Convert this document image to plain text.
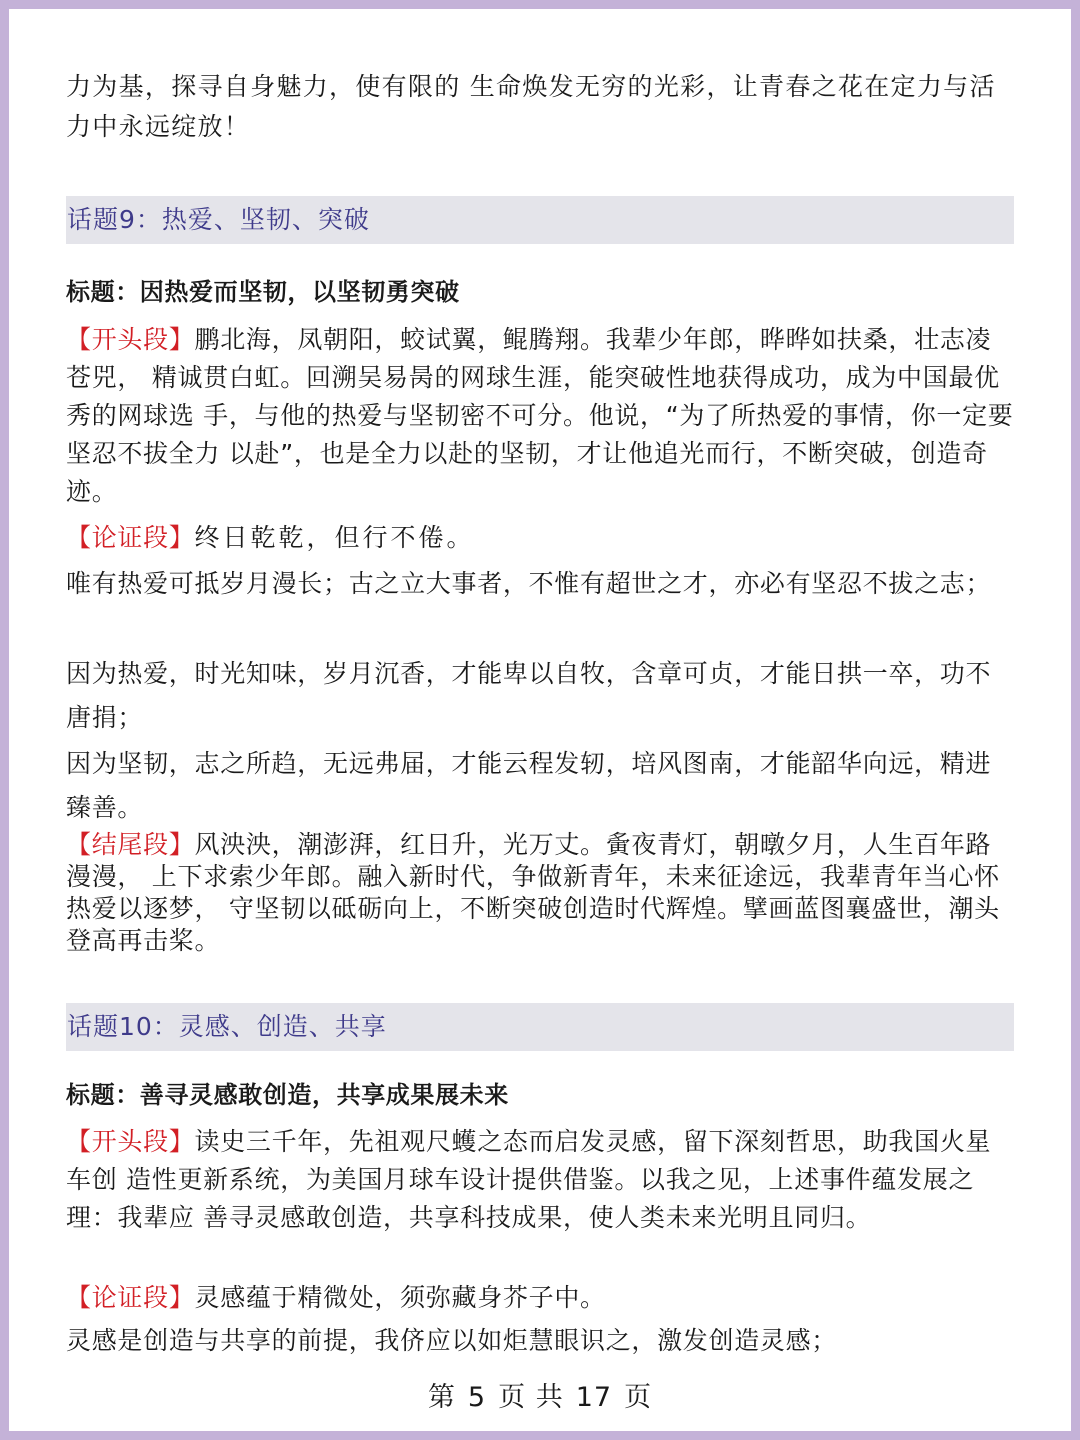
力为基，探寻自身魅力，使有限的 生命焕发无穷的光彩，让青春之花在定力与活力中永远绽放！

话题9：热爱、坚韧、突破

标题：因热爱而坚韧，以坚韧勇突破

【开头段】鹏北海，凤朝阳，蛟试翼，鲲腾翔。我辈少年郎，晔晔如扶桑，壮志凌苍兕， 精诚贯白虹。回溯吴易昺的网球生涯，能突破性地获得成功，成为中国最优秀的网球选 手，与他的热爱与坚韧密不可分。他说，“为了所热爱的事情，你一定要坚忍不拔全力 以赴”，也是全力以赴的坚韧，才让他追光而行，不断突破，创造奇迹。

【论证段】终日乾乾，但行不倦。

唯有热爱可抵岁月漫长；古之立大事者，不惟有超世之才，亦必有坚忍不拔之志；

因为热爱，时光知味，岁月沉香，才能卑以自牧，含章可贞，才能日拱一卒，功不唐捐；

因为坚韧，志之所趋，无远弗届，才能云程发轫，培风图南，才能韶华向远，精进臻善。

【结尾段】风泱泱，潮澎湃，红日升，光万丈。夤夜青灯，朝暾夕月，人生百年路漫漫， 上下求索少年郎。融入新时代，争做新青年，未来征途远，我辈青年当心怀热爱以逐梦， 守坚韧以砥砺向上，不断突破创造时代辉煌。擘画蓝图襄盛世，潮头登高再击桨。

话题10：灵感、创造、共享

标题：善寻灵感敢创造，共享成果展未来

【开头段】读史三千年，先祖观尺蠖之态而启发灵感，留下深刻哲思，助我国火星车创 造性更新系统，为美国月球车设计提供借鉴。以我之见，上述事件蕴发展之理：我辈应 善寻灵感敢创造，共享科技成果，使人类未来光明且同归。

【论证段】灵感蕴于精微处，须弥藏身芥子中。

灵感是创造与共享的前提，我侪应以如炬慧眼识之，激发创造灵感；

第 5 页 共 17 页
